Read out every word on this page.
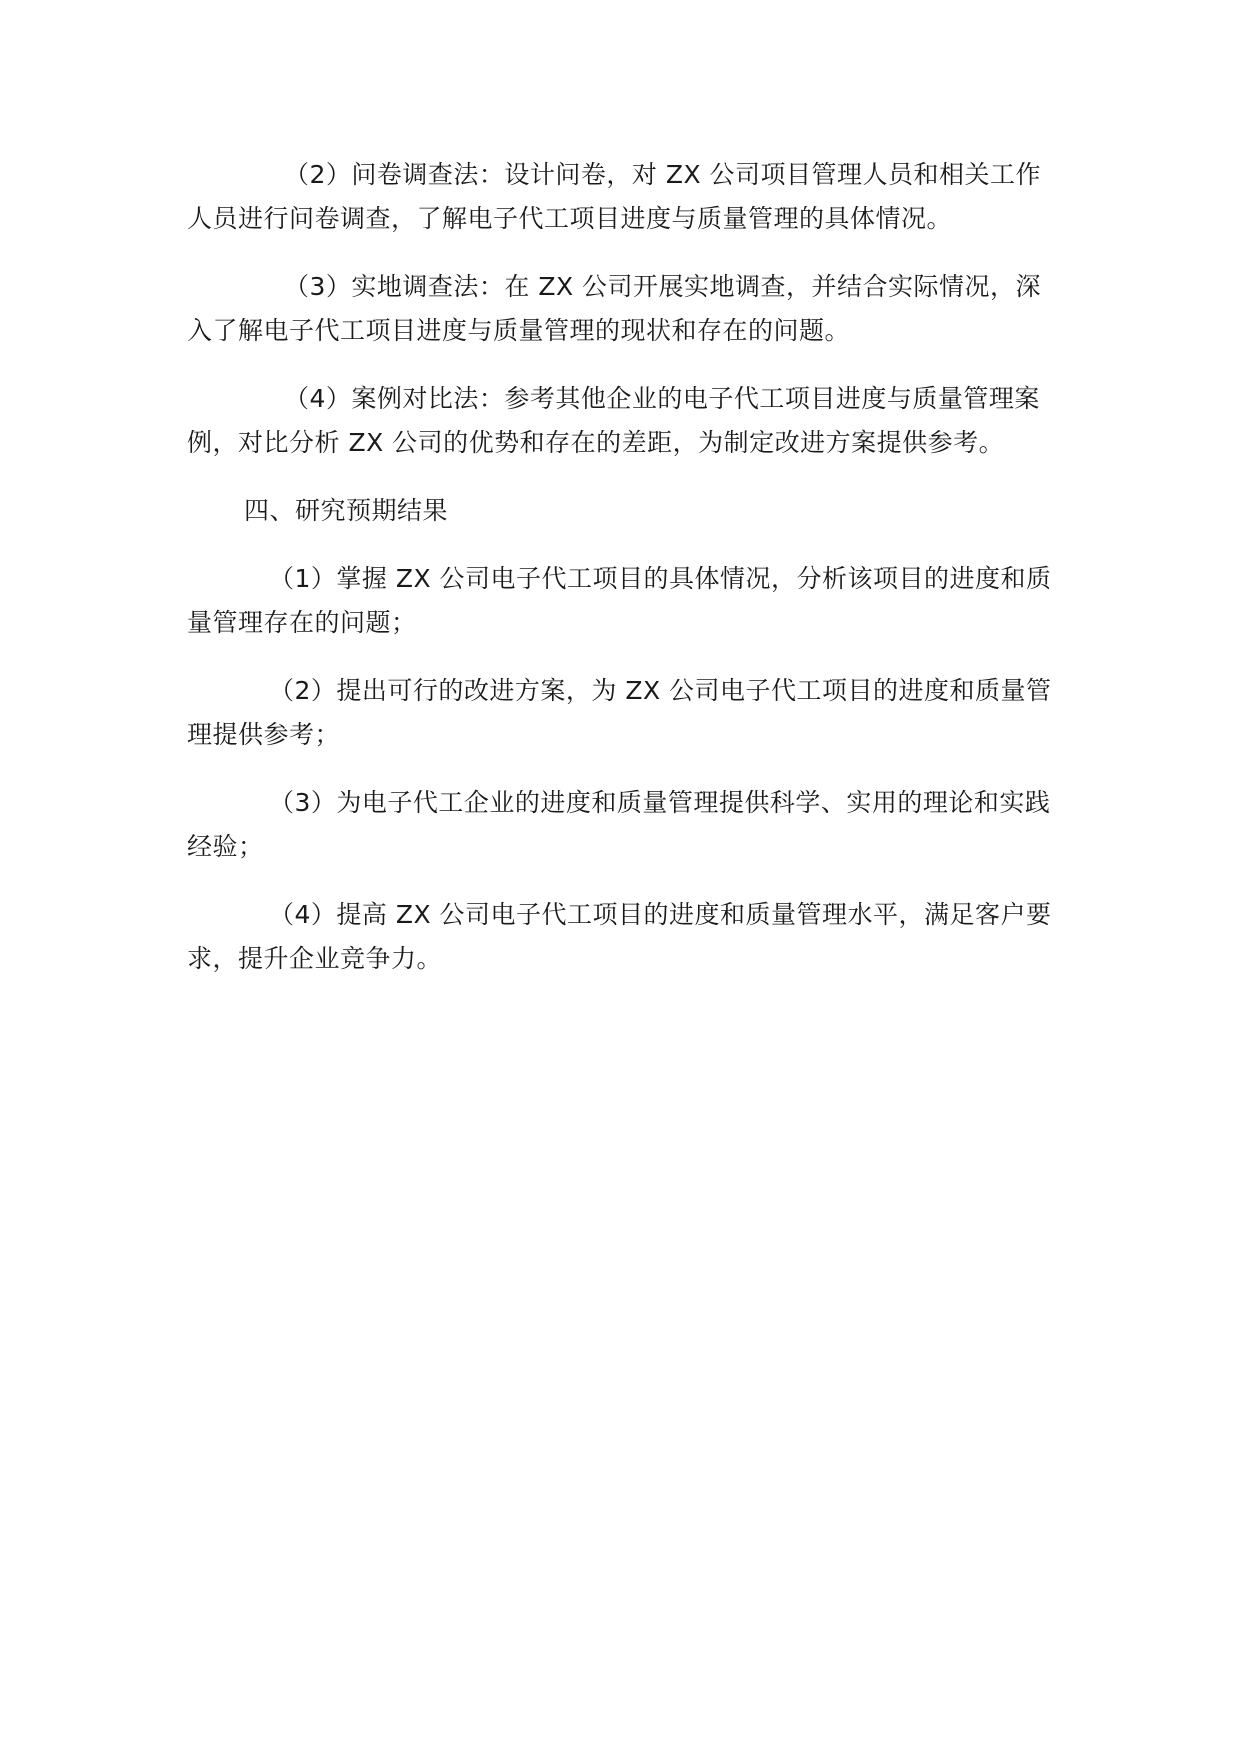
（2）问卷调查法：设计问卷，对 ZX 公司项目管理人员和相关工作人员进行问卷调查，了解电子代工项目进度与质量管理的具体情况。

（3）实地调查法：在 ZX 公司开展实地调查，并结合实际情况，深入了解电子代工项目进度与质量管理的现状和存在的问题。

（4）案例对比法：参考其他企业的电子代工项目进度与质量管理案例，对比分析 ZX 公司的优势和存在的差距，为制定改进方案提供参考。

四、研究预期结果

（1）掌握 ZX 公司电子代工项目的具体情况，分析该项目的进度和质量管理存在的问题；

（2）提出可行的改进方案，为 ZX 公司电子代工项目的进度和质量管理提供参考；

（3）为电子代工企业的进度和质量管理提供科学、实用的理论和实践经验；

（4）提高 ZX 公司电子代工项目的进度和质量管理水平，满足客户要求，提升企业竞争力。
